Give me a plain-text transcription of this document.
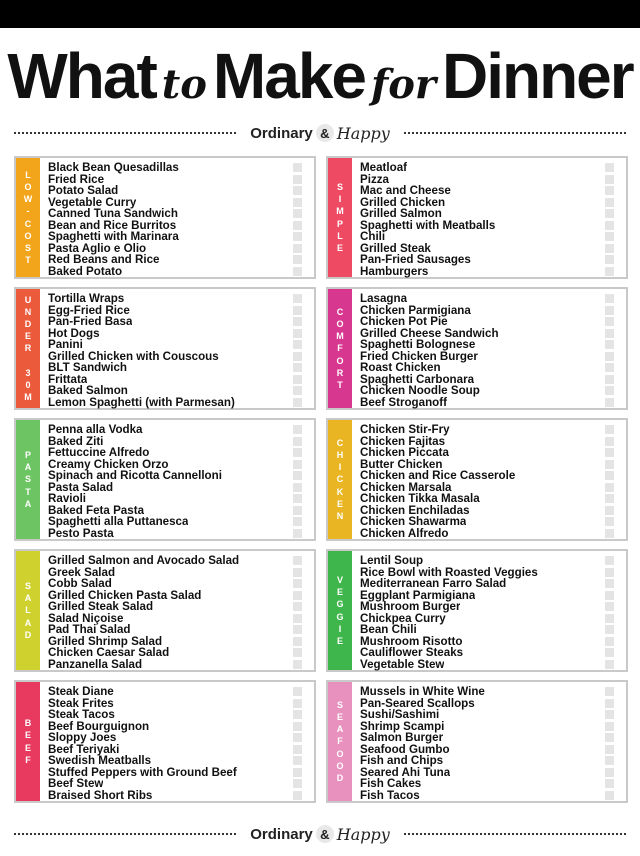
What to Make for Dinner
Ordinary & Happy
L
O
W
-
C
O
S
T
Black Bean Quesadillas
Fried Rice
Potato Salad
Vegetable Curry
Canned Tuna Sandwich
Bean and Rice Burritos
Spaghetti with Marinara
Pasta Aglio e Olio
Red Beans and Rice
Baked Potato
S
I
M
P
L
E
Meatloaf
Pizza
Mac and Cheese
Grilled Chicken
Grilled Salmon
Spaghetti with Meatballs
Chili
Grilled Steak
Pan-Fried Sausages
Hamburgers
U
N
D
E
R

3
0
M
Tortilla Wraps
Egg-Fried Rice
Pan-Fried Basa
Hot Dogs
Panini
Grilled Chicken with Couscous
BLT Sandwich
Frittata
Baked Salmon
Lemon Spaghetti (with Parmesan)
C
O
M
F
O
R
T
Lasagna
Chicken Parmigiana
Chicken Pot Pie
Grilled Cheese Sandwich
Spaghetti Bolognese
Fried Chicken Burger
Roast Chicken
Spaghetti Carbonara
Chicken Noodle Soup
Beef Stroganoff
P
A
S
T
A
Penna alla Vodka
Baked Ziti
Fettuccine Alfredo
Creamy Chicken Orzo
Spinach and Ricotta Cannelloni
Pasta Salad
Ravioli
Baked Feta Pasta
Spaghetti alla Puttanesca
Pesto Pasta
C
H
I
C
K
E
N
Chicken Stir-Fry
Chicken Fajitas
Chicken Piccata
Butter Chicken
Chicken and Rice Casserole
Chicken Marsala
Chicken Tikka Masala
Chicken Enchiladas
Chicken Shawarma
Chicken Alfredo
S
A
L
A
D
Grilled Salmon and Avocado Salad
Greek Salad
Cobb Salad
Grilled Chicken Pasta Salad
Grilled Steak Salad
Salad Niçoise
Pad Thai Salad
Grilled Shrimp Salad
Chicken Caesar Salad
Panzanella Salad
V
E
G
G
I
E
Lentil Soup
Rice Bowl with Roasted Veggies
Mediterranean Farro Salad
Eggplant Parmigiana
Mushroom Burger
Chickpea Curry
Bean Chili
Mushroom Risotto
Cauliflower Steaks
Vegetable Stew
B
E
E
F
Steak Diane
Steak Frites
Steak Tacos
Beef Bourguignon
Sloppy Joes
Beef Teriyaki
Swedish Meatballs
Stuffed Peppers with Ground Beef
Beef Stew
Braised Short Ribs
S
E
A
F
O
O
D
Mussels in White Wine
Pan-Seared Scallops
Sushi/Sashimi
Shrimp Scampi
Salmon Burger
Seafood Gumbo
Fish and Chips
Seared Ahi Tuna
Fish Cakes
Fish Tacos
Ordinary & Happy
